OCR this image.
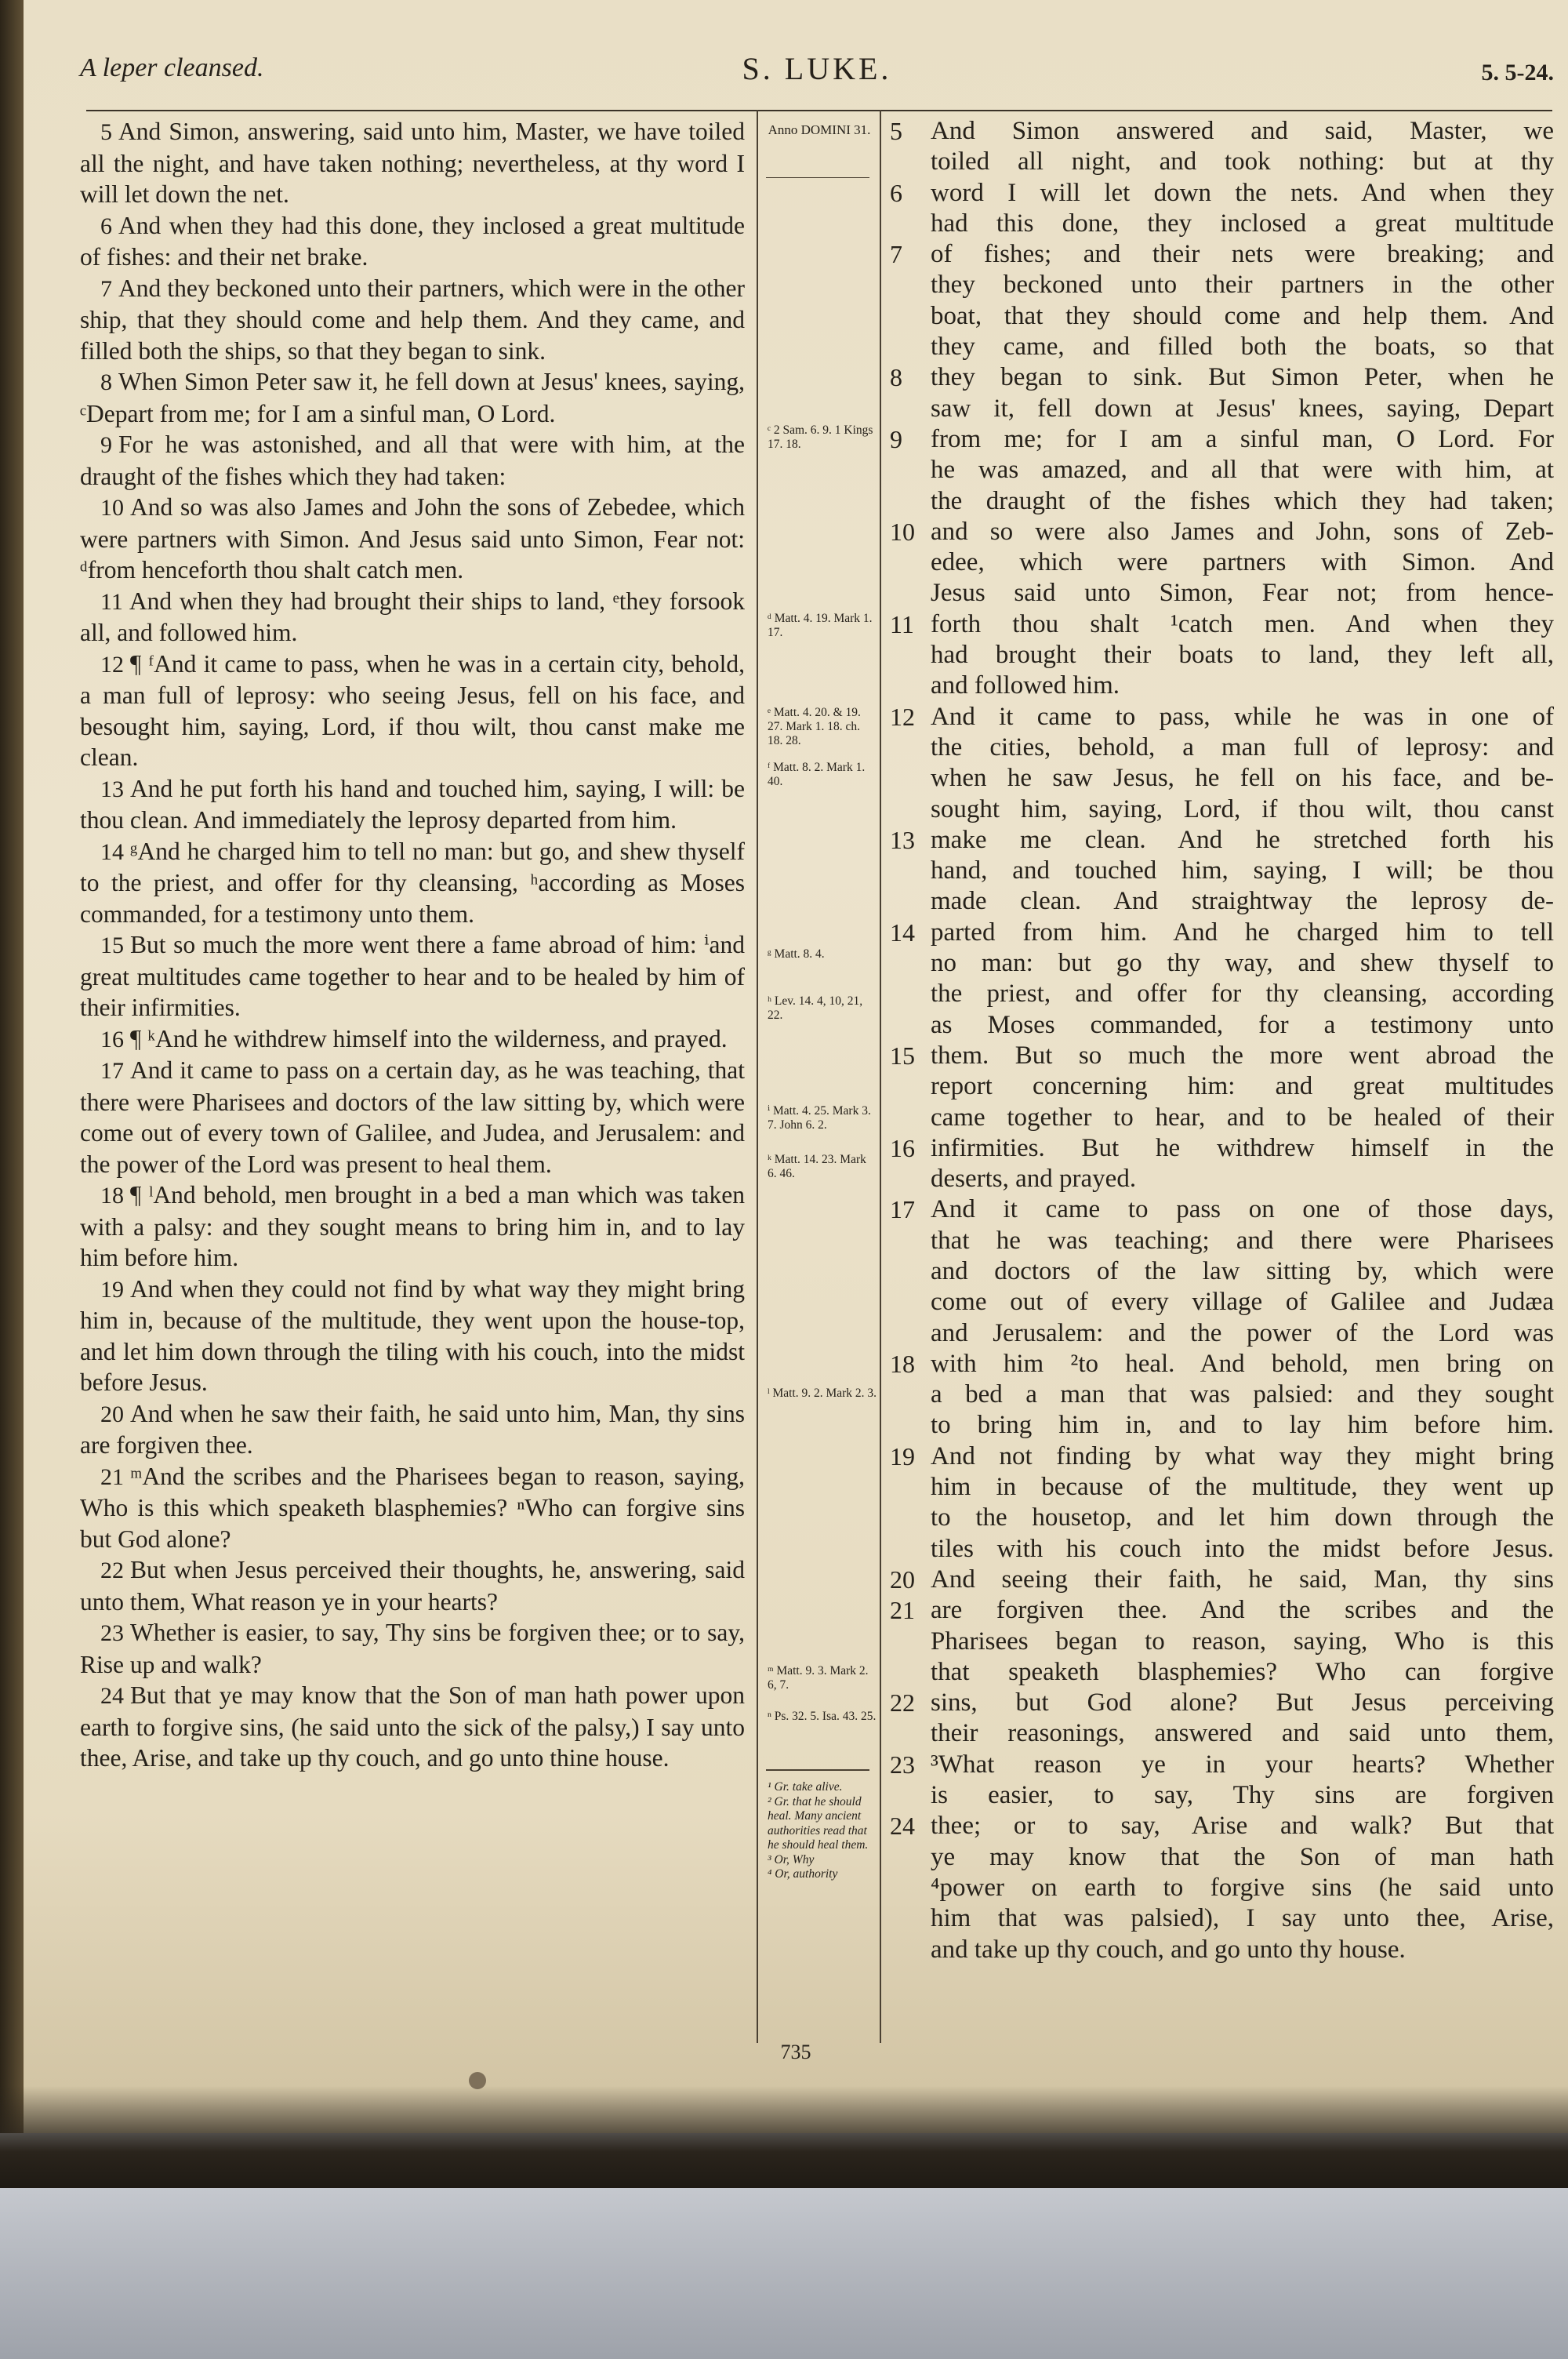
A leper cleansed.	S. LUKE.	5. 5-24.

5 And Simon, answering, said unto him, Master, we have toiled all the night, and have taken nothing; nevertheless, at thy word I will let down the net.

6 And when they had this done, they inclosed a great multitude of fishes: and their net brake.

7 And they beckoned unto their partners, which were in the other ship, that they should come and help them. And they came, and filled both the ships, so that they began to sink.

8 When Simon Peter saw it, he fell down at Jesus' knees, saying, ᶜDepart from me; for I am a sinful man, O Lord.

9 For he was astonished, and all that were with him, at the draught of the fishes which they had taken:

10 And so was also James and John the sons of Zebedee, which were partners with Simon. And Jesus said unto Simon, Fear not: ᵈfrom henceforth thou shalt catch men.

11 And when they had brought their ships to land, ᵉthey forsook all, and followed him.

12 ¶ ᶠAnd it came to pass, when he was in a certain city, behold, a man full of leprosy: who seeing Jesus, fell on his face, and besought him, saying, Lord, if thou wilt, thou canst make me clean.

13 And he put forth his hand and touched him, saying, I will: be thou clean. And immediately the leprosy departed from him.

14 ᵍAnd he charged him to tell no man: but go, and shew thyself to the priest, and offer for thy cleansing, ʰaccording as Moses commanded, for a testimony unto them.

15 But so much the more went there a fame abroad of him: ⁱand great multitudes came together to hear and to be healed by him of their infirmities.

16 ¶ ᵏAnd he withdrew himself into the wilderness, and prayed.

17 And it came to pass on a certain day, as he was teaching, that there were Pharisees and doctors of the law sitting by, which were come out of every town of Galilee, and Judea, and Jerusalem: and the power of the Lord was present to heal them.

18 ¶ ˡAnd behold, men brought in a bed a man which was taken with a palsy: and they sought means to bring him in, and to lay him before him.

19 And when they could not find by what way they might bring him in, because of the multitude, they went upon the house-top, and let him down through the tiling with his couch, into the midst before Jesus.

20 And when he saw their faith, he said unto him, Man, thy sins are forgiven thee.

21 ᵐAnd the scribes and the Pharisees began to reason, saying, Who is this which speaketh blasphemies? ⁿWho can forgive sins but God alone?

22 But when Jesus perceived their thoughts, he, answering, said unto them, What reason ye in your hearts?

23 Whether is easier, to say, Thy sins be forgiven thee; or to say, Rise up and walk?

24 But that ye may know that the Son of man hath power upon earth to forgive sins, (he said unto the sick of the palsy,) I say unto thee, Arise, and take up thy couch, and go unto thine house.

Anno DOMINI 31.
ᶜ 2 Sam. 6. 9. 1 Kings 17. 18.
ᵈ Matt. 4. 19. Mark 1. 17.
ᵉ Matt. 4. 20. & 19. 27. Mark 1. 18. ch. 18. 28.
ᶠ Matt. 8. 2. Mark 1. 40.
ᵍ Matt. 8. 4.
ʰ Lev. 14. 4, 10, 21, 22.
ⁱ Matt. 4. 25. Mark 3. 7. John 6. 2.
ᵏ Matt. 14. 23. Mark 6. 46.
ˡ Matt. 9. 2. Mark 2. 3.
ᵐ Matt. 9. 3. Mark 2. 6, 7.
ⁿ Ps. 32. 5. Isa. 43. 25.
¹ Gr. take alive.
² Gr. that he should heal. Many ancient authorities read that he should heal them.
³ Or, Why
⁴ Or, authority
5	And Simon answered and said, Master, we
toiled all night, and took nothing: but at thy
6	word I will let down the nets. And when they
had this done, they inclosed a great multitude
7	of fishes; and their nets were breaking; and
they beckoned unto their partners in the other
boat, that they should come and help them. And
they came, and filled both the boats, so that
8	they began to sink. But Simon Peter, when he
saw it, fell down at Jesus' knees, saying, Depart
9	from me; for I am a sinful man, O Lord. For
he was amazed, and all that were with him, at
the draught of the fishes which they had taken;
10 and so were also James and John, sons of Zeb-
edee, which were partners with Simon. And
Jesus said unto Simon, Fear not; from hence-
11 forth thou shalt ¹catch men. And when they
had brought their boats to land, they left all,
and followed him.
12 And it came to pass, while he was in one of
the cities, behold, a man full of leprosy: and
when he saw Jesus, he fell on his face, and be-
sought him, saying, Lord, if thou wilt, thou canst
13 make me clean. And he stretched forth his
hand, and touched him, saying, I will; be thou
made clean. And straightway the leprosy de-
14 parted from him. And he charged him to tell
no man: but go thy way, and shew thyself to
the priest, and offer for thy cleansing, according
as Moses commanded, for a testimony unto
15 them. But so much the more went abroad the
report concerning him: and great multitudes
came together to hear, and to be healed of their
16 infirmities. But he withdrew himself in the
deserts, and prayed.
17 And it came to pass on one of those days,
that he was teaching; and there were Pharisees
and doctors of the law sitting by, which were
come out of every village of Galilee and Judæa
and Jerusalem: and the power of the Lord was
18 with him ²to heal. And behold, men bring on
a bed a man that was palsied: and they sought
to bring him in, and to lay him before him.
19 And not finding by what way they might bring
him in because of the multitude, they went up
to the housetop, and let him down through the
tiles with his couch into the midst before Jesus.
20 And seeing their faith, he said, Man, thy sins
21 are forgiven thee. And the scribes and the
Pharisees began to reason, saying, Who is this
that speaketh blasphemies? Who can forgive
22 sins, but God alone? But Jesus perceiving
their reasonings, answered and said unto them,
23 ³What reason ye in your hearts? Whether
is easier, to say, Thy sins are forgiven
24 thee; or to say, Arise and walk? But that
ye may know that the Son of man hath
⁴power on earth to forgive sins (he said unto
him that was palsied), I say unto thee, Arise,
and take up thy couch, and go unto thy house.
735
